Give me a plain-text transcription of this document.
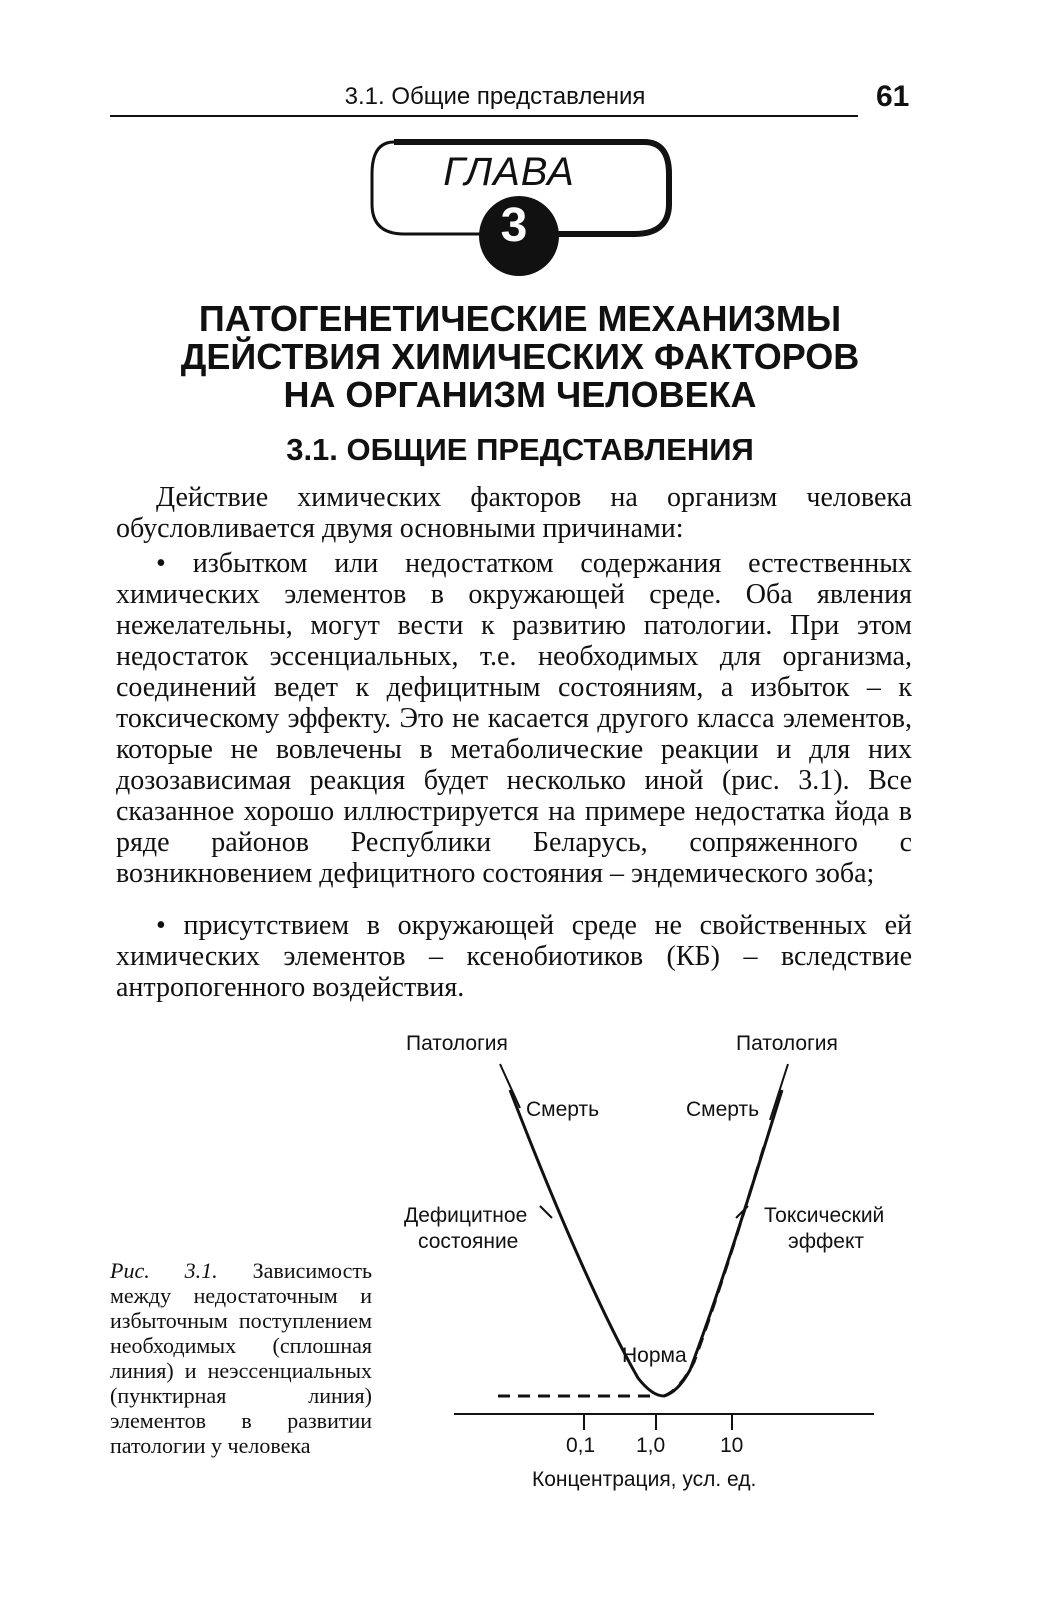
3.1. Общие представления	61
ГЛАВА
3
ПАТОГЕНЕТИЧЕСКИЕ МЕХАНИЗМЫ
ДЕЙСТВИЯ ХИМИЧЕСКИХ ФАКТОРОВ
НА ОРГАНИЗМ ЧЕЛОВЕКА
3.1. ОБЩИЕ ПРЕДСТАВЛЕНИЯ
Действие химических факторов на организм человека обусловливается двумя основными причинами:
• избытком или недостатком содержания естественных химических элементов в окружающей среде. Оба явления нежелательны, могут вести к развитию патологии. При этом недостаток эссенциальных, т.е. необходимых для организма, соединений ведет к дефицитным состояниям, а избыток – к токсическому эффекту. Это не касается другого класса элементов, которые не вовлечены в метаболические реакции и для них дозозависимая реакция будет несколько иной (рис. 3.1). Все сказанное хорошо иллюстрируется на примере недостатка йода в ряде районов Республики Беларусь, сопряженного с возникновением дефицитного состояния – эндемического зоба;
• присутствием в окружающей среде не свойственных ей химических элементов – ксенобиотиков (КБ) – вследствие антропогенного воздействия.
Рис. 3.1. Зависимость между недостаточным и избыточным поступлением необходимых (сплошная линия) и неэссенциальных (пунктирная линия) элементов в развитии патологии у человека
Патология	Патология
Смерть	Смерть
Дефицитное
состояние
Токсический
эффект
Норма
0,1 1,0	10
Концентрация, усл. ед.
